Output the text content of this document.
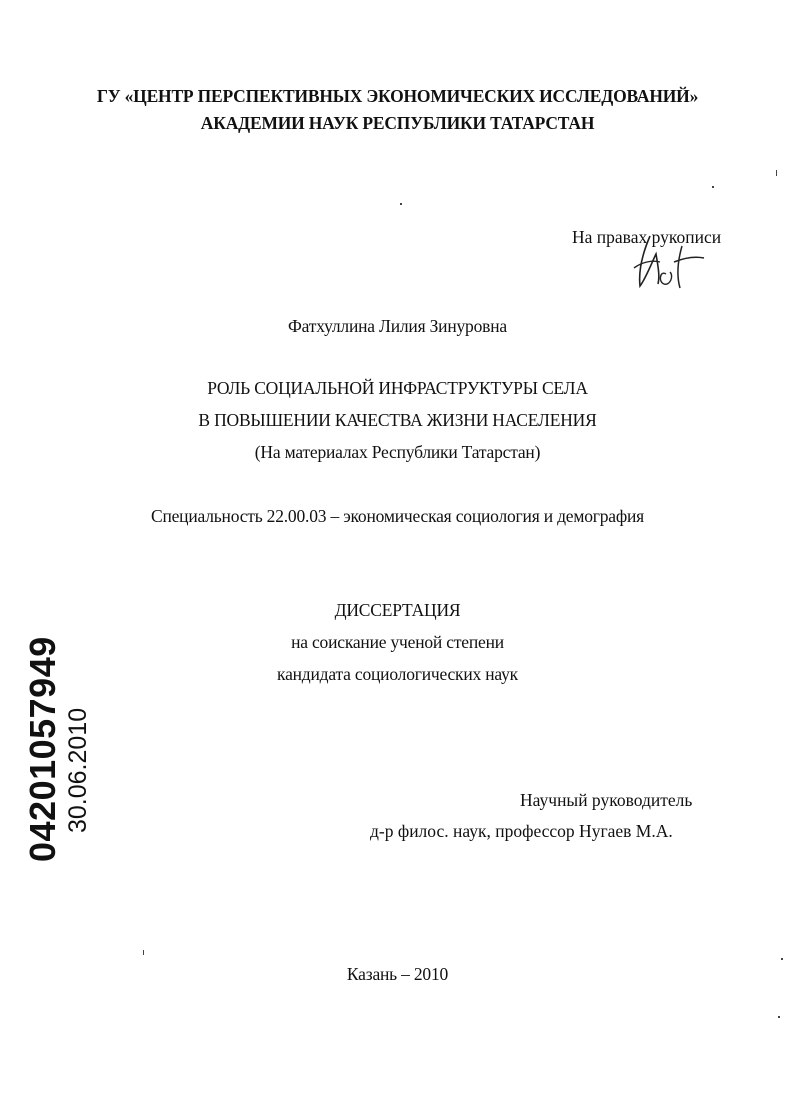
ГУ «ЦЕНТР ПЕРСПЕКТИВНЫХ ЭКОНОМИЧЕСКИХ ИССЛЕДОВАНИЙ»
АКАДЕМИИ НАУК РЕСПУБЛИКИ ТАТАРСТАН
На правах рукописи
Фатхуллина Лилия Зинуровна
РОЛЬ СОЦИАЛЬНОЙ ИНФРАСТРУКТУРЫ СЕЛА
В ПОВЫШЕНИИ КАЧЕСТВА ЖИЗНИ НАСЕЛЕНИЯ
(На материалах Республики Татарстан)
Специальность 22.00.03 – экономическая социология и демография
ДИССЕРТАЦИЯ
на соискание ученой степени
кандидата социологических наук
Научный руководитель
д-р филос. наук, профессор Нугаев М.А.
Казань – 2010
04201057949 30.06.2010
